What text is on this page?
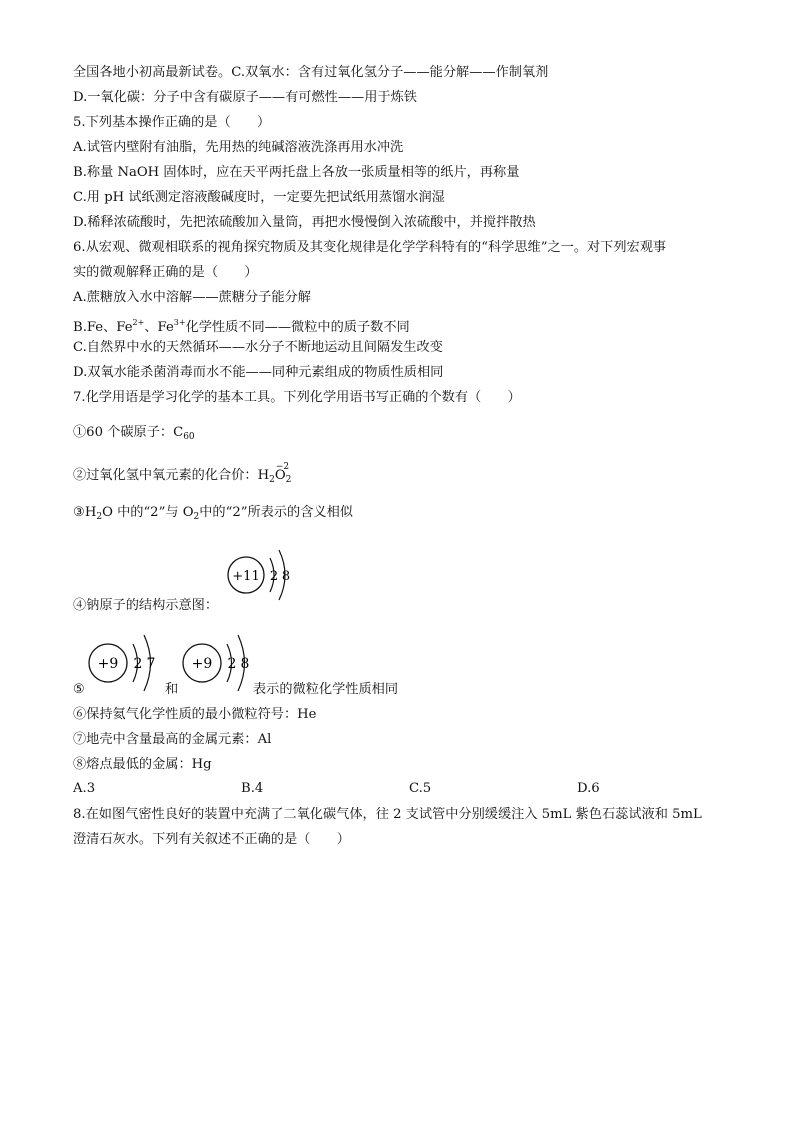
全国各地小初高最新试卷。C.双氧水：含有过氧化氢分子——能分解——作制氧剂
D.一氧化碳：分子中含有碳原子——有可燃性——用于炼铁
5.下列基本操作正确的是（　　）
A.试管内壁附有油脂，先用热的纯碱溶液洗涤再用水冲洗
B.称量 NaOH 固体时，应在天平两托盘上各放一张质量相等的纸片，再称量
C.用 pH 试纸测定溶液酸碱度时，一定要先把试纸用蒸馏水润湿
D.稀释浓硫酸时，先把浓硫酸加入量筒，再把水慢慢倒入浓硫酸中，并搅拌散热
6.从宏观、微观相联系的视角探究物质及其变化规律是化学学科特有的“科学思维”之一。对下列宏观事
实的微观解释正确的是（　　）
A.蔗糖放入水中溶解——蔗糖分子能分解
B.Fe、$Fe^{2+}$、$Fe^{3+}$化学性质不同——微粒中的质子数不同
C.自然界中水的天然循环——水分子不断地运动且间隔发生改变
D.双氧水能杀菌消毒而水不能——同种元素组成的物质性质相同
7.化学用语是学习化学的基本工具。下列化学用语书写正确的个数有（　　）
①60 个碳原子：$C_{60}$
②过氧化氢中氧元素的化合价：$H_2$
−2
$O_2$
$③H_2O$ 中的“2”与 $O_2$中的“2”所表示的含义相似
+11 2 8
④钠原子的结构示意图：
+9 2 7	+9 2 8
⑤	和	表示的微粒化学性质相同
⑥保持氦气化学性质的最小微粒符号：He
⑦地壳中含量最高的金属元素：Al
⑧熔点最低的金属：Hg
A.3	B.4	C.5	D.6
8.在如图气密性良好的装置中充满了二氧化碳气体，往 2 支试管中分别缓缓注入 5mL 紫色石蕊试液和 5mL
澄清石灰水。下列有关叙述不正确的是（　　）
